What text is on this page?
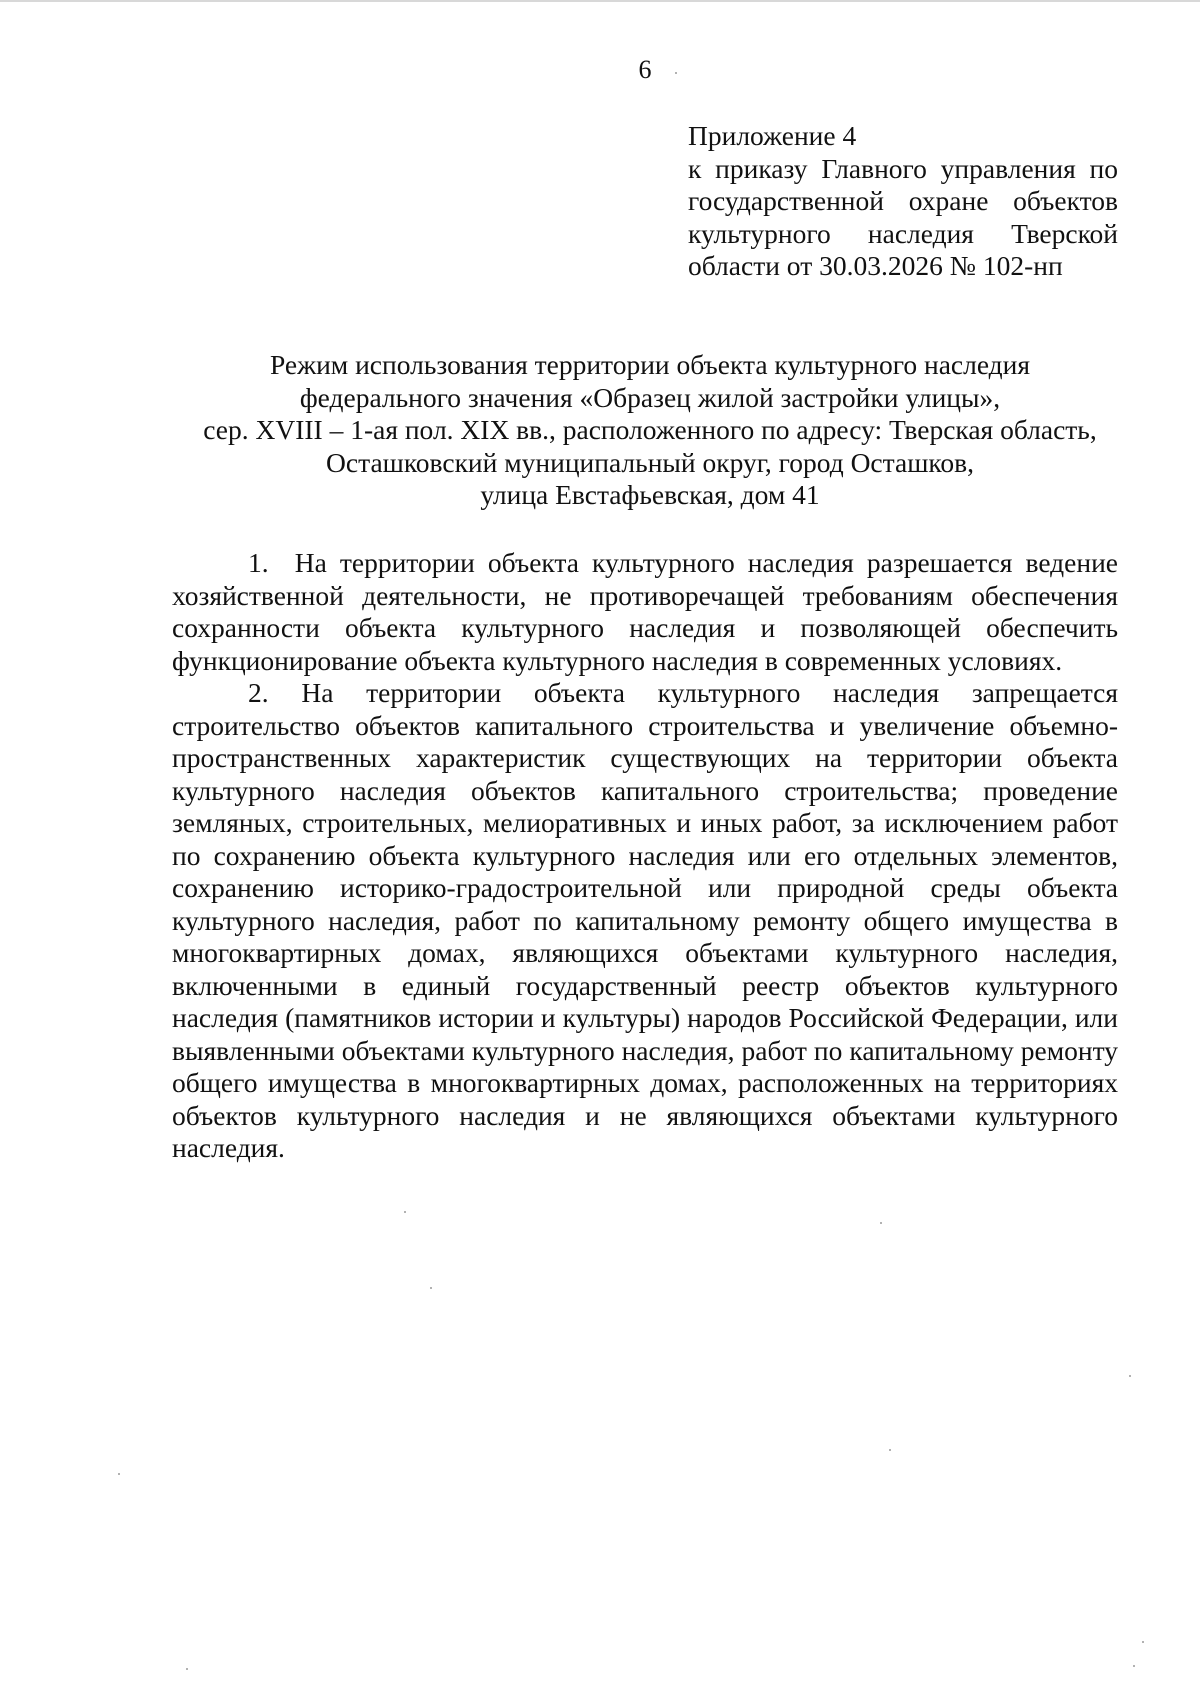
6
Приложение 4
к приказу Главного управления по
государственной охране объектов
культурного наследия Тверской
области от 30.03.2026 № 102-нп
Режим использования территории объекта культурного наследия
федерального значения «Образец жилой застройки улицы»,
сер. XVIII – 1-ая пол. XIX вв., расположенного по адресу: Тверская область,
Осташковский муниципальный округ, город Осташков,
улица Евстафьевская, дом 41

1. На территории объекта культурного наследия разрешается ведение хозяйственной деятельности, не противоречащей требованиям обеспечения сохранности объекта культурного наследия и позволяющей обеспечить функционирование объекта культурного наследия в современных условиях.

2. На территории объекта культурного наследия запрещается строительство объектов капитального строительства и увеличение объемно-пространственных характеристик существующих на территории объекта культурного наследия объектов капитального строительства; проведение земляных, строительных, мелиоративных и иных работ, за исключением работ по сохранению объекта культурного наследия или его отдельных элементов, сохранению историко-градостроительной или природной среды объекта культурного наследия, работ по капитальному ремонту общего имущества в многоквартирных домах, являющихся объектами культурного наследия, включенными в единый государственный реестр объектов культурного наследия (памятников истории и культуры) народов Российской Федерации, или выявленными объектами культурного наследия, работ по капитальному ремонту общего имущества в многоквартирных домах, расположенных на территориях объектов культурного наследия и не являющихся объектами культурного наследия.
